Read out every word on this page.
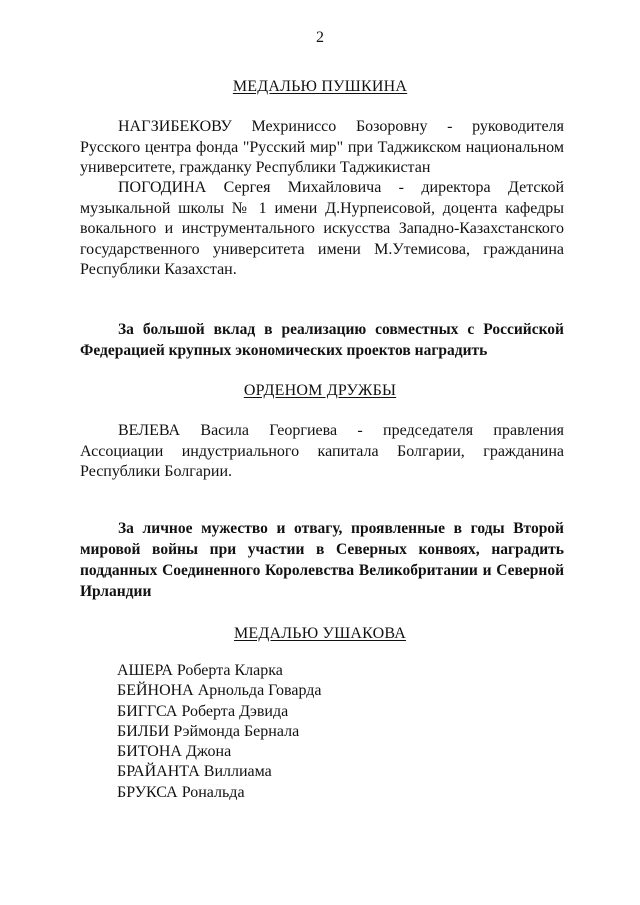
2
МЕДАЛЬЮ ПУШКИНА
НАГЗИБЕКОВУ Мехриниссо Бозоровну - руководителя Русского центра фонда "Русский мир" при Таджикском национальном университете, гражданку Республики Таджикистан
ПОГОДИНА Сергея Михайловича - директора Детской музыкальной школы № 1 имени Д.Нурпеисовой, доцента кафедры вокального и инструментального искусства Западно-Казахстанского государственного университета имени М.Утемисова, гражданина Республики Казахстан.
За большой вклад в реализацию совместных с Российской Федерацией крупных экономических проектов наградить
ОРДЕНОМ ДРУЖБЫ
ВЕЛЕВА Васила Георгиева - председателя правления Ассоциации индустриального капитала Болгарии, гражданина Республики Болгарии.
За личное мужество и отвагу, проявленные в годы Второй мировой войны при участии в Северных конвоях, наградить подданных Соединенного Королевства Великобритании и Северной Ирландии
МЕДАЛЬЮ УШАКОВА
АШЕРА Роберта Кларка
БЕЙНОНА Арнольда Говарда
БИГГСА Роберта Дэвида
БИЛБИ Рэймонда Бернала
БИТОНА Джона
БРАЙАНТА Виллиама
БРУКСА Рональда
